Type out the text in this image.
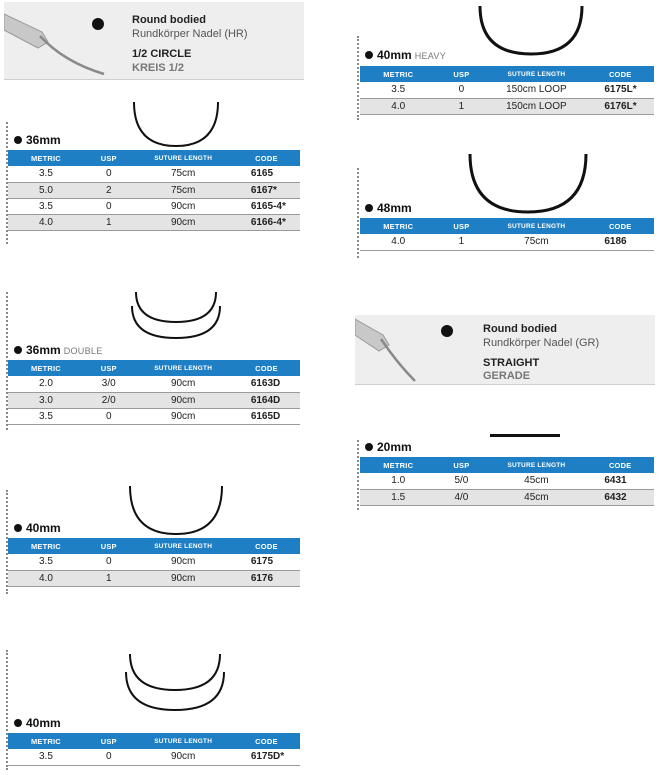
Round bodied
Rundkörper Nadel (HR)
1/2 CIRCLE
KREIS 1/2
Round bodied
Rundkörper Nadel (GR)
STRAIGHT
GERADE
36mm
METRIC	USP	SUTURE LENGTH	CODE
3.5	0	75cm	6165
5.0	2	75cm	6167*
3.5	0	90cm	6165-4*
4.0	1	90cm	6166-4*
36mm DOUBLE
METRIC	USP	SUTURE LENGTH	CODE
2.0	3/0	90cm	6163D
3.0	2/0	90cm	6164D
3.5	0	90cm	6165D
40mm
METRIC	USP	SUTURE LENGTH	CODE
3.5	0	90cm	6175
4.0	1	90cm	6176
40mm
METRIC	USP	SUTURE LENGTH	CODE
3.5	0	90cm	6175D*
40mm HEAVY
METRIC	USP	SUTURE LENGTH	CODE
3.5	0	150cm LOOP	6175L*
4.0	1	150cm LOOP	6176L*
48mm
METRIC	USP	SUTURE LENGTH	CODE
4.0	1	75cm	6186
20mm
METRIC	USP	SUTURE LENGTH	CODE
1.0	5/0	45cm	6431
1.5	4/0	45cm	6432
